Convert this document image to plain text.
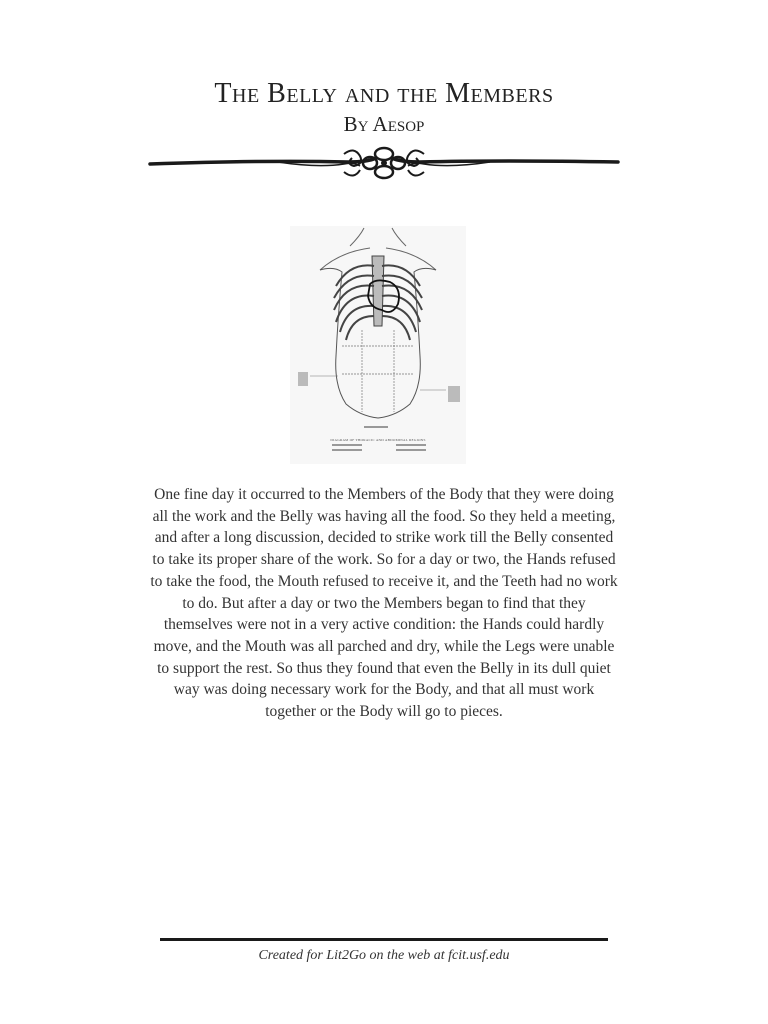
The Belly and the Members
By Aesop
DIAGRAM OF THORACIC AND ABDOMINAL REGIONS

One fine day it occurred to the Members of the Body that they were doing all the work and the Belly was having all the food. So they held a meeting, and after a long discussion, decided to strike work till the Belly consented to take its proper share of the work. So for a day or two, the Hands refused to take the food, the Mouth refused to receive it, and the Teeth had no work to do. But after a day or two the Members began to find that they themselves were not in a very active condition: the Hands could hardly move, and the Mouth was all parched and dry, while the Legs were unable to support the rest. So thus they found that even the Belly in its dull quiet way was doing necessary work for the Body, and that all must work together or the Body will go to pieces.

Created for Lit2Go on the web at fcit.usf.edu
